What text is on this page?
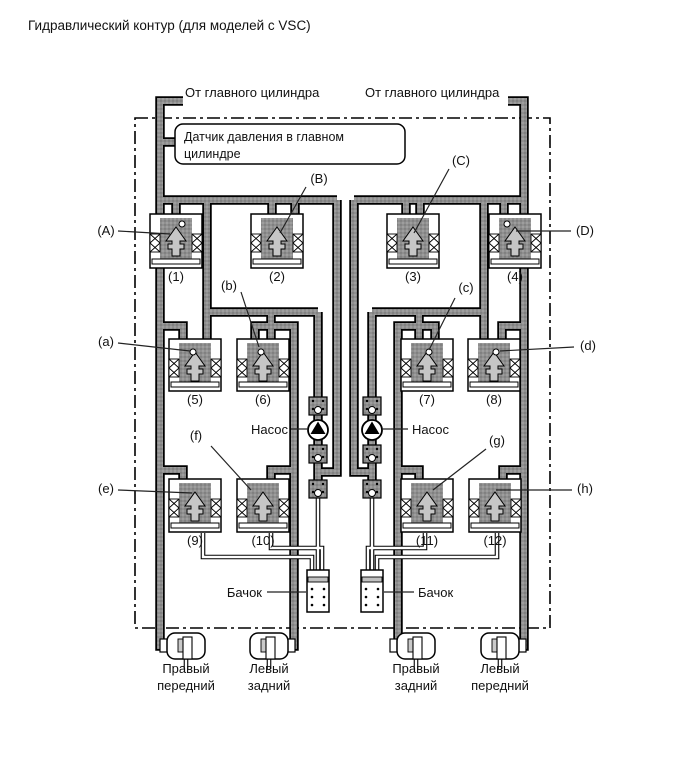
(1)	(2)	(3)	(4)
(5)	(6)	(7)	(8)
(9)	(10)	(11)	(12)
(A)
(B)
(C)
(D)
(a)
(b)	(c)
(d)
(e)
(f)	(g)
(h)
Правый
передний
Левый
задний
Правый
задний
Левый
передний
Гидравлический контур (для моделей с VSC)
От главного цилиндра	От главного цилиндра
Датчик давления в главном
цилиндре
Насос	Насос
Бачок	Бачок
